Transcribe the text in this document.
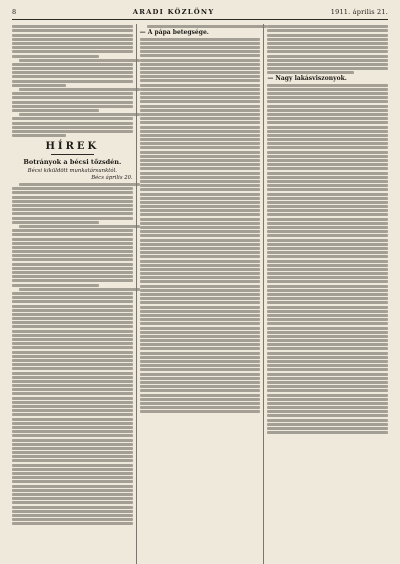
8	ARADI KÖZLÖNY	1911. április 21.
HÍREK
Botrányok a bécsi tőzsdén.
Bécsi kiküldött munkatársunktól.
Bécs április 20.
— A pápa betegsége.
— Nagy lakásviszonyok.
